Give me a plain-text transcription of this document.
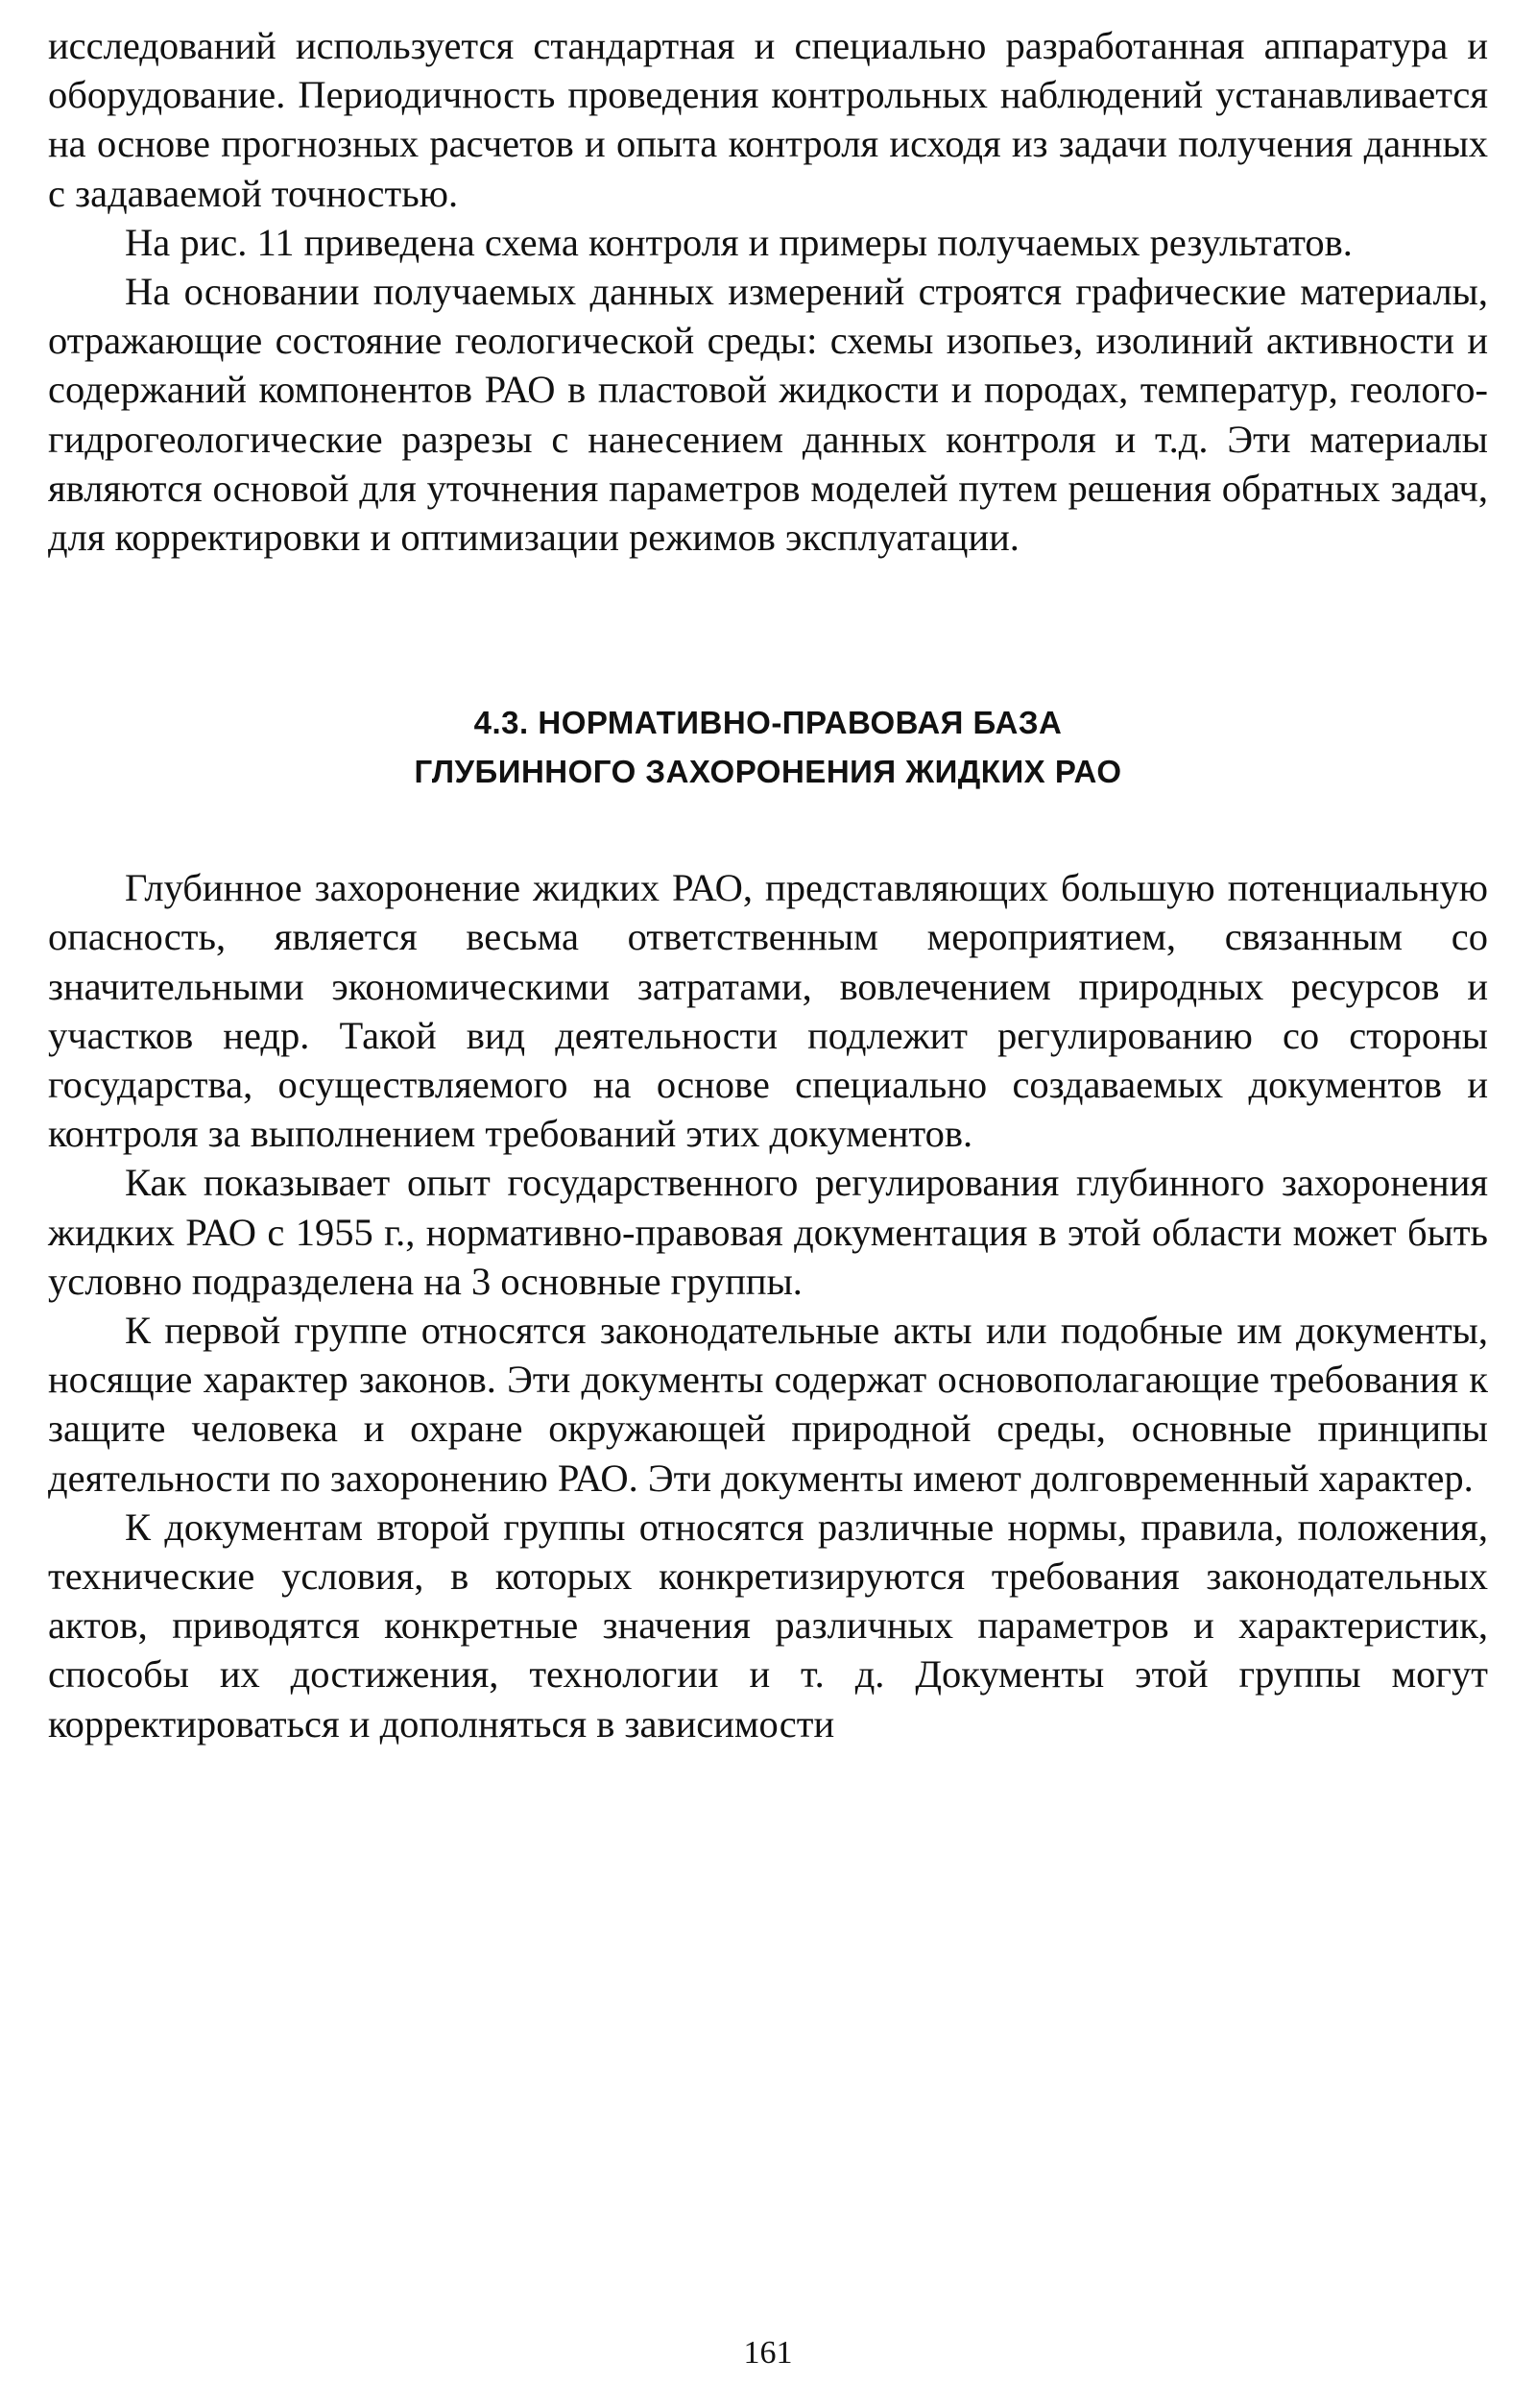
исследований используется стандартная и специально разработанная аппаратура и оборудование. Периодичность проведения контрольных наблюдений устанавливается на основе прогнозных расчетов и опыта контроля исходя из задачи получения данных с задаваемой точностью.

На рис. 11 приведена схема контроля и примеры получаемых результатов.

На основании получаемых данных измерений строятся графические материалы, отражающие состояние геологической среды: схемы изопьез, изолиний активности и содержаний компонентов РАО в пластовой жидкости и породах, температур, геолого-гидрогеологические разрезы с нанесением данных контроля и т.д. Эти материалы являются основой для уточнения параметров моделей путем решения обратных задач, для корректировки и оптимизации режимов эксплуатации.

4.3. НОРМАТИВНО-ПРАВОВАЯ БАЗА
ГЛУБИННОГО ЗАХОРОНЕНИЯ ЖИДКИХ РАО

Глубинное захоронение жидких РАО, представляющих большую потенциальную опасность, является весьма ответственным мероприятием, связанным со значительными экономическими затратами, вовлечением природных ресурсов и участков недр. Такой вид деятельности подлежит регулированию со стороны государства, осуществляемого на основе специально создаваемых документов и контроля за выполнением требований этих документов.

Как показывает опыт государственного регулирования глубинного захоронения жидких РАО с 1955 г., нормативно-правовая документация в этой области может быть условно подразделена на 3 основные группы.

К первой группе относятся законодательные акты или подобные им документы, носящие характер законов. Эти документы содержат основополагающие требования к защите человека и охране окружающей природной среды, основные принципы деятельности по захоронению РАО. Эти документы имеют долговременный характер.

К документам второй группы относятся различные нормы, правила, положения, технические условия, в которых конкретизируются требования законодательных актов, приводятся конкретные значения различных параметров и характеристик, способы их достижения, технологии и т. д. Документы этой группы могут корректироваться и дополняться в зависимости

161
